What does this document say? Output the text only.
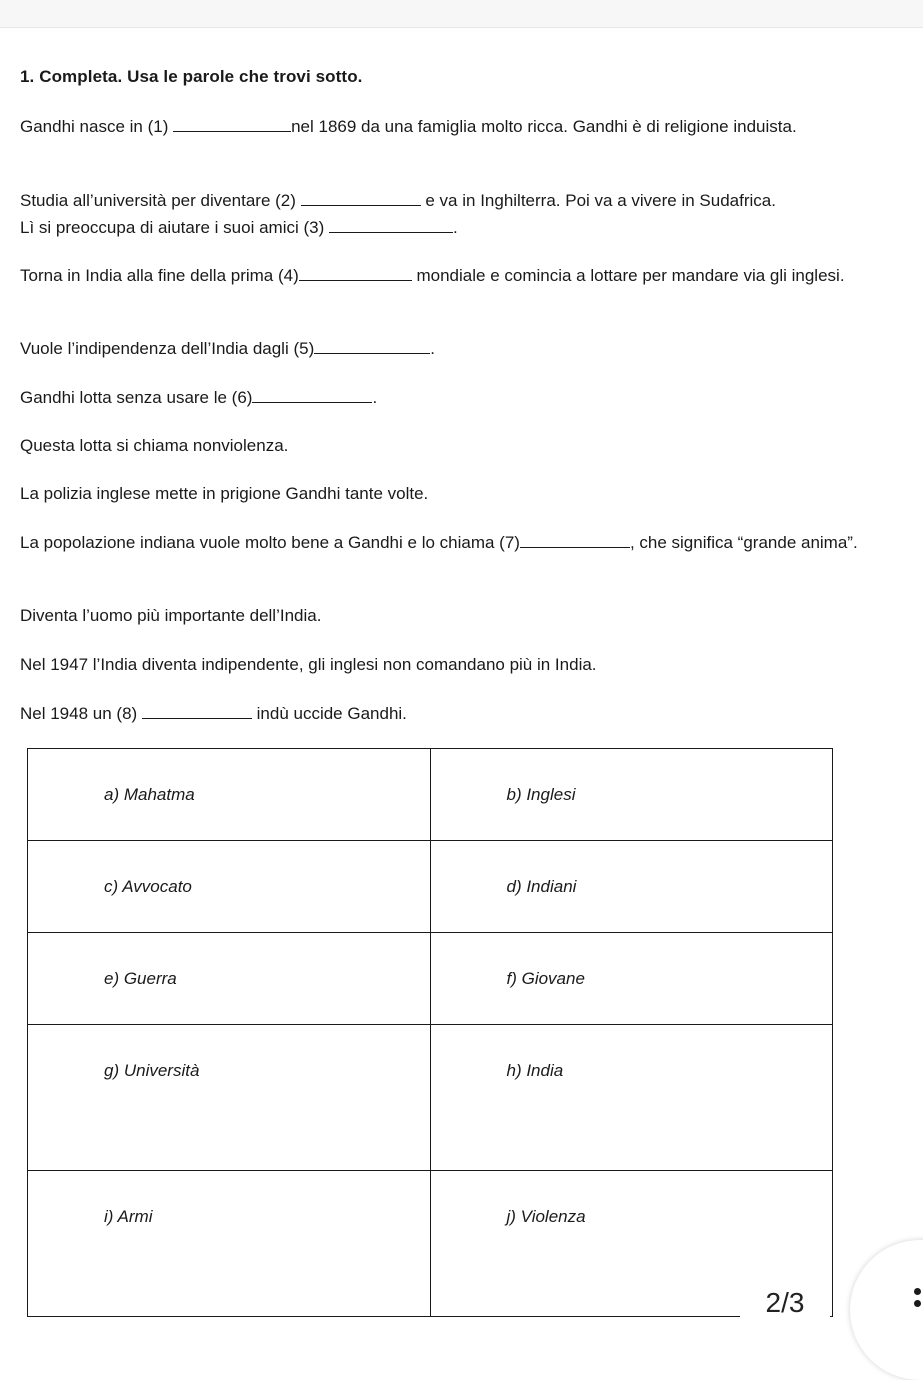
1. Completa. Usa le parole che trovi sotto.
Gandhi nasce in (1)	nel 1869 da una famiglia molto ricca. Gandhi è di religione induista.
Studia all’università per diventare (2)	e va in Inghilterra. Poi va a vivere in Sudafrica.
Lì si preoccupa di aiutare i suoi amici (3)	.
Torna in India alla fine della prima (4)	mondiale e comincia a lottare per mandare via gli inglesi.
Vuole l’indipendenza dell’India dagli (5)	.
Gandhi lotta senza usare le (6)	.
Questa lotta si chiama nonviolenza.
La polizia inglese mette in prigione Gandhi tante volte.
La popolazione indiana vuole molto bene a Gandhi e lo chiama (7)	, che significa “grande anima”.
Diventa l’uomo più importante dell’India.
Nel 1947 l’India diventa indipendente, gli inglesi non comandano più in India.
Nel 1948 un (8)	indù uccide Gandhi.
a) Mahatma	b) Inglesi

c) Avvocato	d) Indiani

e) Guerra	f) Giovane

g) Università	h) India

i) Armi	j) Violenza
2/3
